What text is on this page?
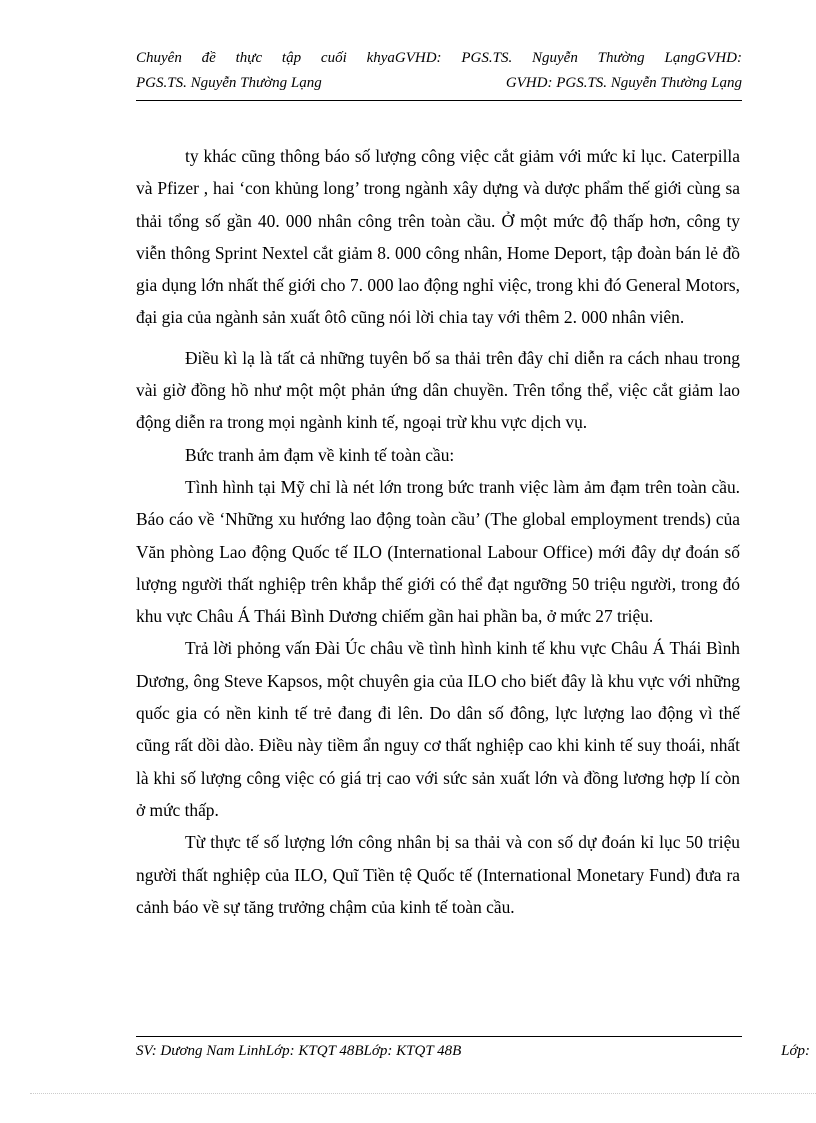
Chuyên đề thực tập cuối khyaGVHD: PGS.TS. Nguyễn Thường LạngGVHD:
PGS.TS. Nguyễn Thường Lạng	GVHD: PGS.TS. Nguyễn Thường Lạng

ty khác cũng thông báo số lượng công việc cắt giảm với mức kỉ lục. Caterpilla và Pfizer , hai ‘con khủng long’ trong ngành xây dựng và dược phẩm thế giới cùng sa thải tổng số gần 40. 000 nhân công trên toàn cầu. Ở một mức độ thấp hơn, công ty viễn thông Sprint Nextel cắt giảm 8. 000 công nhân, Home Deport, tập đoàn bán lẻ đồ gia dụng lớn nhất thế giới cho 7. 000 lao động nghỉ việc, trong khi đó General Motors, đại gia của ngành sản xuất ôtô cũng nói lời chia tay với thêm 2. 000 nhân viên.

Điều kì lạ là tất cả những tuyên bố sa thải trên đây chỉ diễn ra cách nhau trong vài giờ đồng hồ như một một phản ứng dân chuyền. Trên tổng thể, việc cắt giảm lao động diễn ra trong mọi ngành kinh tế, ngoại trừ khu vực dịch vụ.

Bức tranh ảm đạm về kinh tế toàn cầu:

Tình hình tại Mỹ chỉ là nét lớn trong bức tranh việc làm ảm đạm trên toàn cầu. Báo cáo về ‘Những xu hướng lao động toàn cầu’ (The global employment trends) của Văn phòng Lao động Quốc tế ILO (International Labour Office) mới đây dự đoán số lượng người thất nghiệp trên khắp thế giới có thể đạt ngưỡng 50 triệu người, trong đó khu vực Châu Á Thái Bình Dương chiếm gần hai phần ba, ở mức 27 triệu.

Trả lời phỏng vấn Đài Úc châu về tình hình kinh tế khu vực Châu Á Thái Bình Dương, ông Steve Kapsos, một chuyên gia của ILO cho biết đây là khu vực với những quốc gia có nền kinh tế trẻ đang đi lên. Do dân số đông, lực lượng lao động vì thế cũng rất dồi dào. Điều này tiềm ẩn nguy cơ thất nghiệp cao khi kinh tế suy thoái, nhất là khi số lượng công việc có giá trị cao với sức sản xuất lớn và đồng lương hợp lí còn ở mức thấp.

Từ thực tế số lượng lớn công nhân bị sa thải và con số dự đoán kỉ lục 50 triệu người thất nghiệp của ILO, Quĩ Tiền tệ Quốc tế (International Monetary Fund) đưa ra cảnh báo về sự tăng trưởng chậm của kinh tế toàn cầu.

SV: Dương Nam LinhLớp: KTQT 48BLớp: KTQT 48B	Lớp:
